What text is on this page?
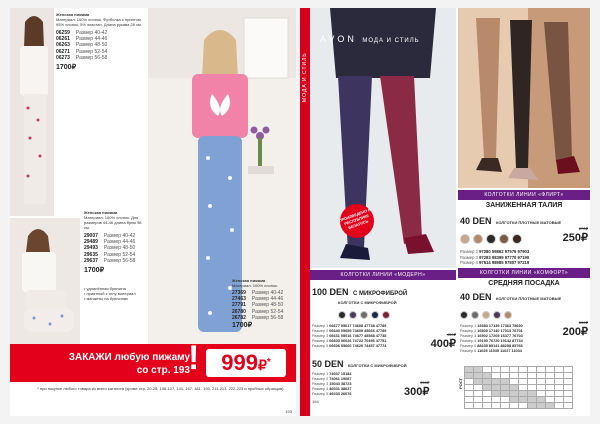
Женская пижама
Материал: 100% хлопок. Футболка с принтом. 95% хлопок, 5% эластан. Длина рукава 28 см.
06259 Размер 40-42
06261 Размер 44-46
06263 Размер 48-50
06271 Размер 52-54
06273 Размер 56-58
1700₽
Женская пижама
Материал: 100% хлопок. Для размеров 44-46 длина брюк 98 см.
29007 Размер 40-42
29489 Размер 44-46
29493 Размер 48-50
29635 Размер 52-54
29637 Размер 56-58
1700₽
• удлинённая брючина
• приятный к телу материал
• манжеты на брючинах
Женская пижама
Материал: 100% хлопок.
27369 Размер 40-42
27463 Размер 44-46
27791 Размер 48-50
26780 Размер 52-54
26782 Размер 56-58
1700₽
ЗАКАЖИ любую пижаму
со стр. 193
! 999₽*
* при покупке любого товара из всего каталога (кроме стр. 20-25, 106-107, 141, 167, 181, 193, 211-213, 222-223 и пробных образцов).
193
МОДА И СТИЛЬ
AVON МОДА И СТИЛЬ
ПРОИЗВЕДЕНО В РЕСПУБЛИКЕ БЕЛАРУСЬ
КОЛГОТКИ ЛИНИИ «ФЛИРТ»
ЗАНИЖЕННАЯ ТАЛИЯ
40 DEN КОЛГОТКИ ПЛОТНЫЕ МАТОВЫЕ
Размер 2 97280 59862 97576 97903
Размер 3 97283 98399 97770 97190
Размер 4 97514 98985 97807 97219
270₽
250₽
КОЛГОТКИ ЛИНИИ «МОДЕРН»
100 DEN С МИКРОФИБРОЙ
КОЛГОТКИ С МИКРОФИБРОЙ
Размер 1 06677 05617 74608 47738 47789
Размер 2 06640 05659 74609 45666 47789
Размер 3 06631 05016 74677 48588 47738
Размер 4 06603 06026 74722 70496 47751
Размер 5 06606 05660 74620 74457 47774
450₽
400₽
50 DEN КОЛГОТКИ С МИКРОФИБРОЙ
Размер 1 74037 15184
Размер 2 74061 19087
Размер 3 15043 38723
Размер 4 46031 38637
Размер 5 46033 26076
350₽
300₽
194
КОЛГОТКИ ЛИНИИ «КОМФОРТ»
СРЕДНЯЯ ПОСАДКА
40 DEN КОЛГОТКИ ПЛОТНЫЕ МАТОВЫЕ
Размер 1 19383 17139 17363 75690
Размер 2 16500 17140 17013 76701
Размер 3 16902 17205 16377 76703
Размер 4 19190 76720 19142 87734
Размер 5 88235 85141 88258 85766
Размер 6 11025 11035 11027 11034
300₽
200₽
РОСТ
